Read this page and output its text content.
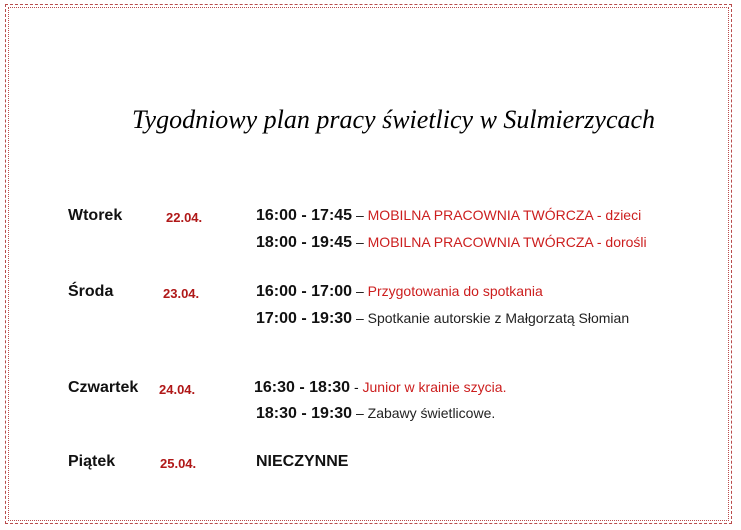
Tygodniowy plan pracy świetlicy w Sulmierzycach
Wtorek	22.04.	16:00 - 17:45 – MOBILNA PRACOWNIA TWÓRCZA - dzieci
18:00 - 19:45 – MOBILNA PRACOWNIA TWÓRCZA - dorośli
Środa	23.04.	16:00 - 17:00 – Przygotowania do spotkania
17:00 - 19:30 – Spotkanie autorskie z Małgorzatą Słomian
Czwartek 24.04.	16:30 - 18:30 - Junior w krainie szycia.
18:30 - 19:30 – Zabawy świetlicowe.
Piątek	25.04.	NIECZYNNE
